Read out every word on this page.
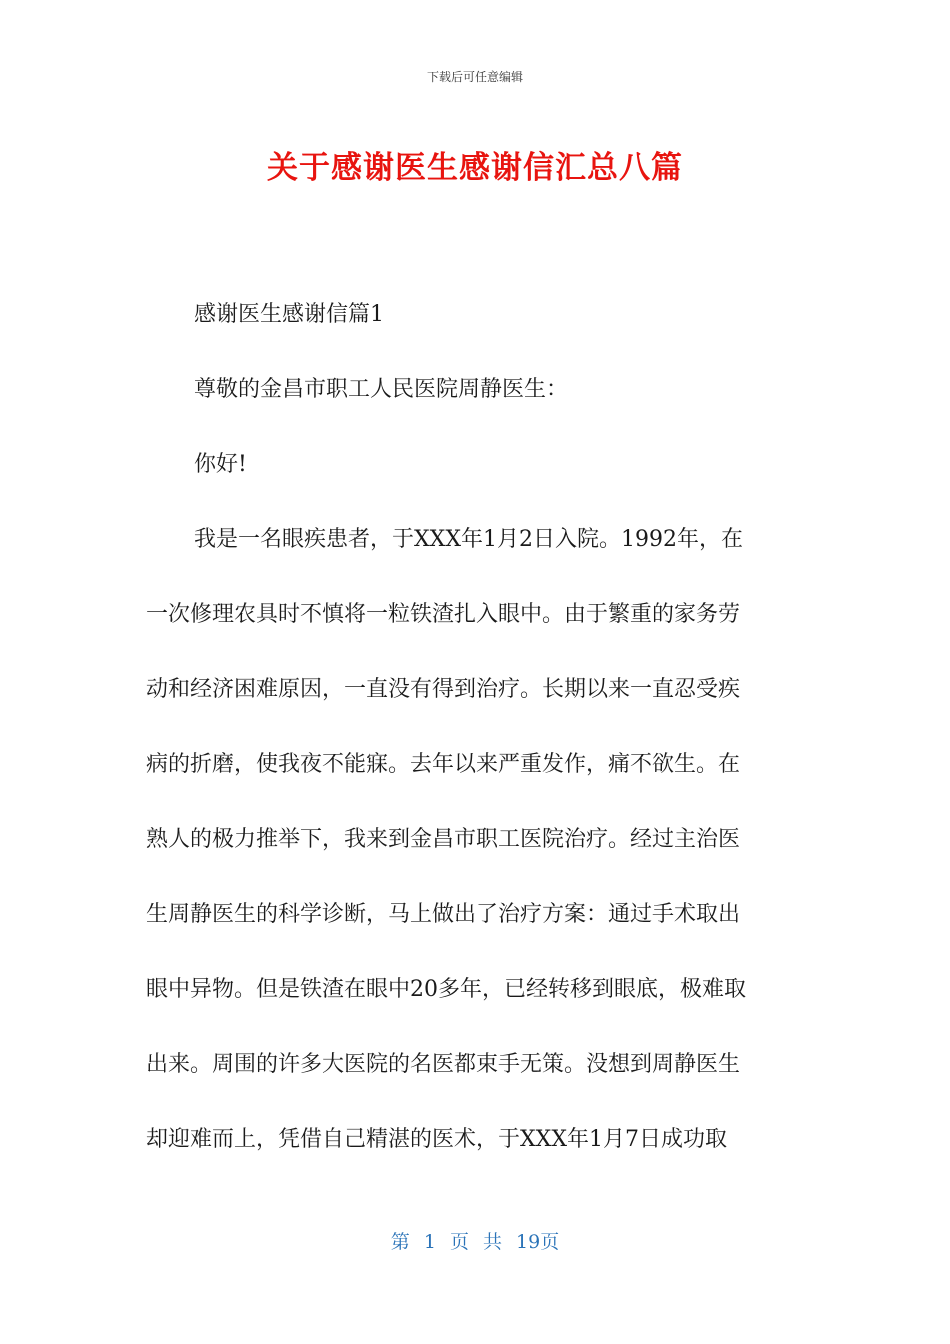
下载后可任意编辑
关于感谢医生感谢信汇总八篇
感谢医生感谢信篇1
尊敬的金昌市职工人民医院周静医生：
你好!
我是一名眼疾患者，于XXX年1月2日入院。1992年，在
一次修理农具时不慎将一粒铁渣扎入眼中。由于繁重的家务劳
动和经济困难原因，一直没有得到治疗。长期以来一直忍受疾
病的折磨，使我夜不能寐。去年以来严重发作，痛不欲生。在
熟人的极力推举下，我来到金昌市职工医院治疗。经过主治医
生周静医生的科学诊断，马上做出了治疗方案：通过手术取出
眼中异物。但是铁渣在眼中20多年，已经转移到眼底，极难取
出来。周围的许多大医院的名医都束手无策。没想到周静医生
却迎难而上，凭借自己精湛的医术，于XXX年1月7日成功取
第 1 页 共 19页
